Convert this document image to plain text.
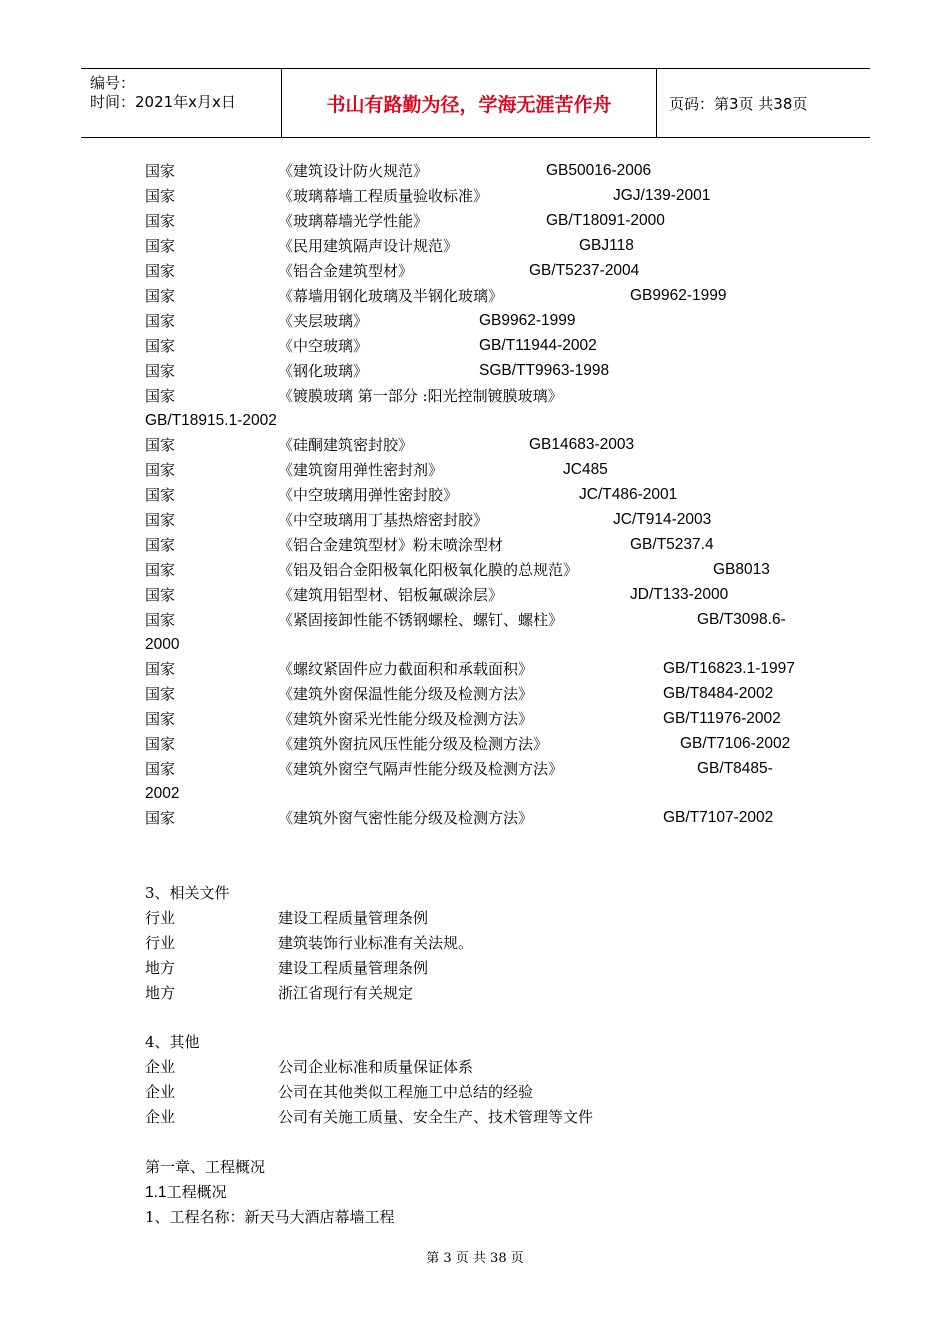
编号：
时间：2021年x月x日	书山有路勤为径，学海无涯苦作舟	页码：第3页 共38页
国家	《建筑设计防火规范》	GB50016-2006
国家	《玻璃幕墙工程质量验收标准》	JGJ/139-2001
国家	《玻璃幕墙光学性能》	GB/T18091-2000
国家	《民用建筑隔声设计规范》	GBJ118
国家	《铝合金建筑型材》	GB/T5237-2004
国家	《幕墙用钢化玻璃及半钢化玻璃》	GB9962-1999
国家	《夹层玻璃》	GB9962-1999
国家	《中空玻璃》	GB/T11944-2002
国家	《钢化玻璃》	SGB/TT9963-1998
国家	《镀膜玻璃 第一部分 :阳光控制镀膜玻璃》
GB/T18915.1-2002
国家	《硅酮建筑密封胶》	GB14683-2003
国家	《建筑窗用弹性密封剂》	JC485
国家	《中空玻璃用弹性密封胶》	JC/T486-2001
国家	《中空玻璃用丁基热熔密封胶》	JC/T914-2003
国家	《铝合金建筑型材》粉末喷涂型材	GB/T5237.4
国家	《铝及铝合金阳极氧化阳极氧化膜的总规范》	GB8013
国家	《建筑用铝型材、铝板氟碳涂层》	JD/T133-2000
国家	《紧固接卸性能不锈钢螺栓、螺钉、螺柱》	GB/T3098.6-
2000
国家	《螺纹紧固件应力截面积和承载面积》	GB/T16823.1-1997
国家	《建筑外窗保温性能分级及检测方法》	GB/T8484-2002
国家	《建筑外窗采光性能分级及检测方法》	GB/T11976-2002
国家	《建筑外窗抗风压性能分级及检测方法》	GB/T7106-2002
国家	《建筑外窗空气隔声性能分级及检测方法》	GB/T8485-
2002
国家	《建筑外窗气密性能分级及检测方法》	GB/T7107-2002
3、相关文件
行业	建设工程质量管理条例
行业	建筑装饰行业标准有关法规。
地方	建设工程质量管理条例
地方	浙江省现行有关规定
4、其他
企业	公司企业标准和质量保证体系
企业	公司在其他类似工程施工中总结的经验
企业	公司有关施工质量、安全生产、技术管理等文件
第一章、工程概况
1.1工程概况
1、工程名称：新天马大酒店幕墙工程
第 3 页 共 38 页
